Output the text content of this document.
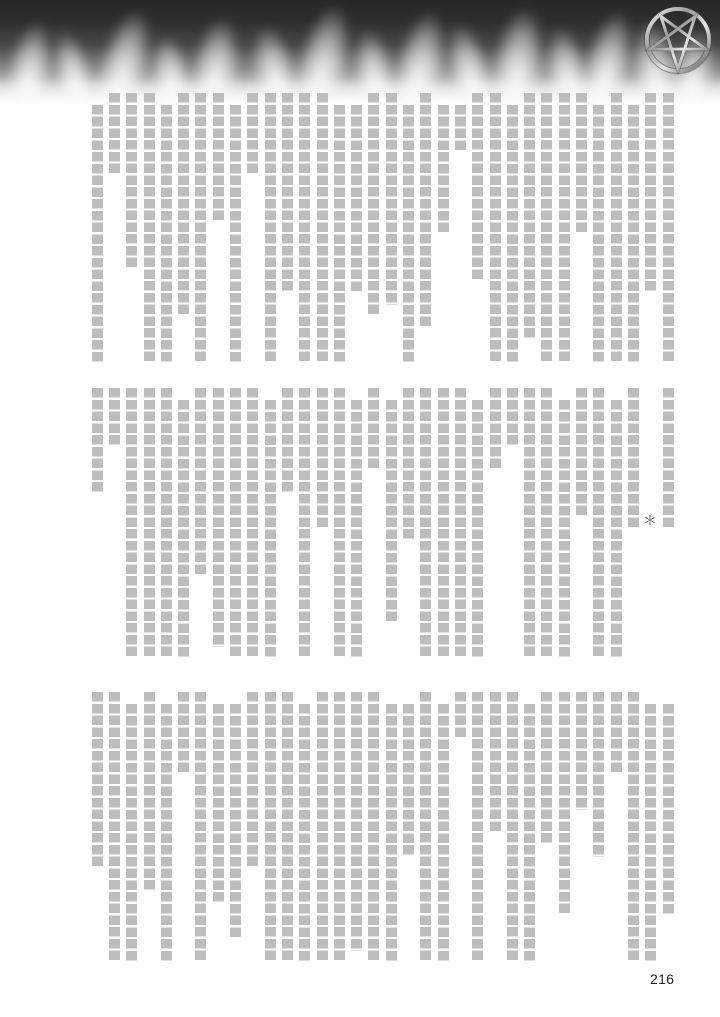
＊
216
